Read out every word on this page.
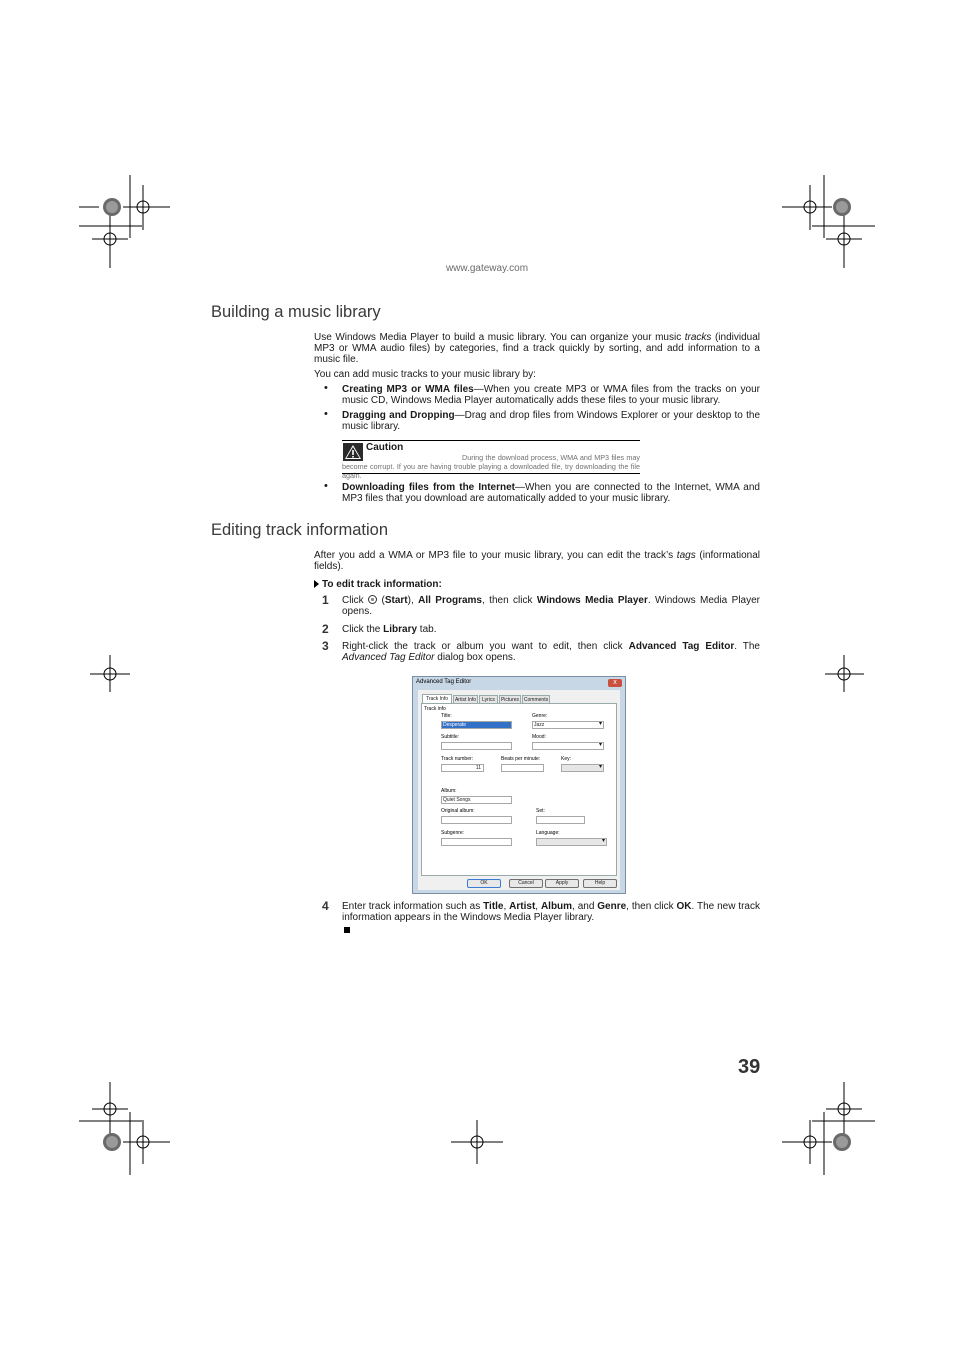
www.gateway.com
Building a music library
Use Windows Media Player to build a music library. You can organize your music tracks (individual MP3 or WMA audio files) by categories, find a track quickly by sorting, and add information to a music file.
You can add music tracks to your music library by:
• Creating MP3 or WMA files—When you create MP3 or WMA files from the tracks on your music CD, Windows Media Player automatically adds these files to your music library.
• Dragging and Dropping—Drag and drop files from Windows Explorer or your desktop to the music library.
Caution
During the download process, WMA and MP3 files may become corrupt. If you are having trouble playing a downloaded file, try downloading the file again.
• Downloading files from the Internet—When you are connected to the Internet, WMA and MP3 files that you download are automatically added to your music library.
Editing track information
After you add a WMA or MP3 file to your music library, you can edit the track’s tags (informational fields).
To edit track information:
1 Click  (Start), All Programs, then click Windows Media Player. Windows Media Player opens.
2 Click the Library tab.
3 Right-click the track or album you want to edit, then click Advanced Tag Editor. The Advanced Tag Editor dialog box opens.
Advanced Tag Editor	x
Track Info	Artist Info	Lyrics	Pictures Comments
Track info
Title:
Desperate
Genre:
Jazz ▾
Subtitle:	Mood:
▾
Track number:
11
Beats per minute:	Key:
▾
Album:
Quiet Songs
Original album:	Set:
Subgenre:	Language:
▾
OK	Cancel	Apply	Help
4 Enter track information such as Title, Artist, Album, and Genre, then click OK. The new track information appears in the Windows Media Player library.
39
